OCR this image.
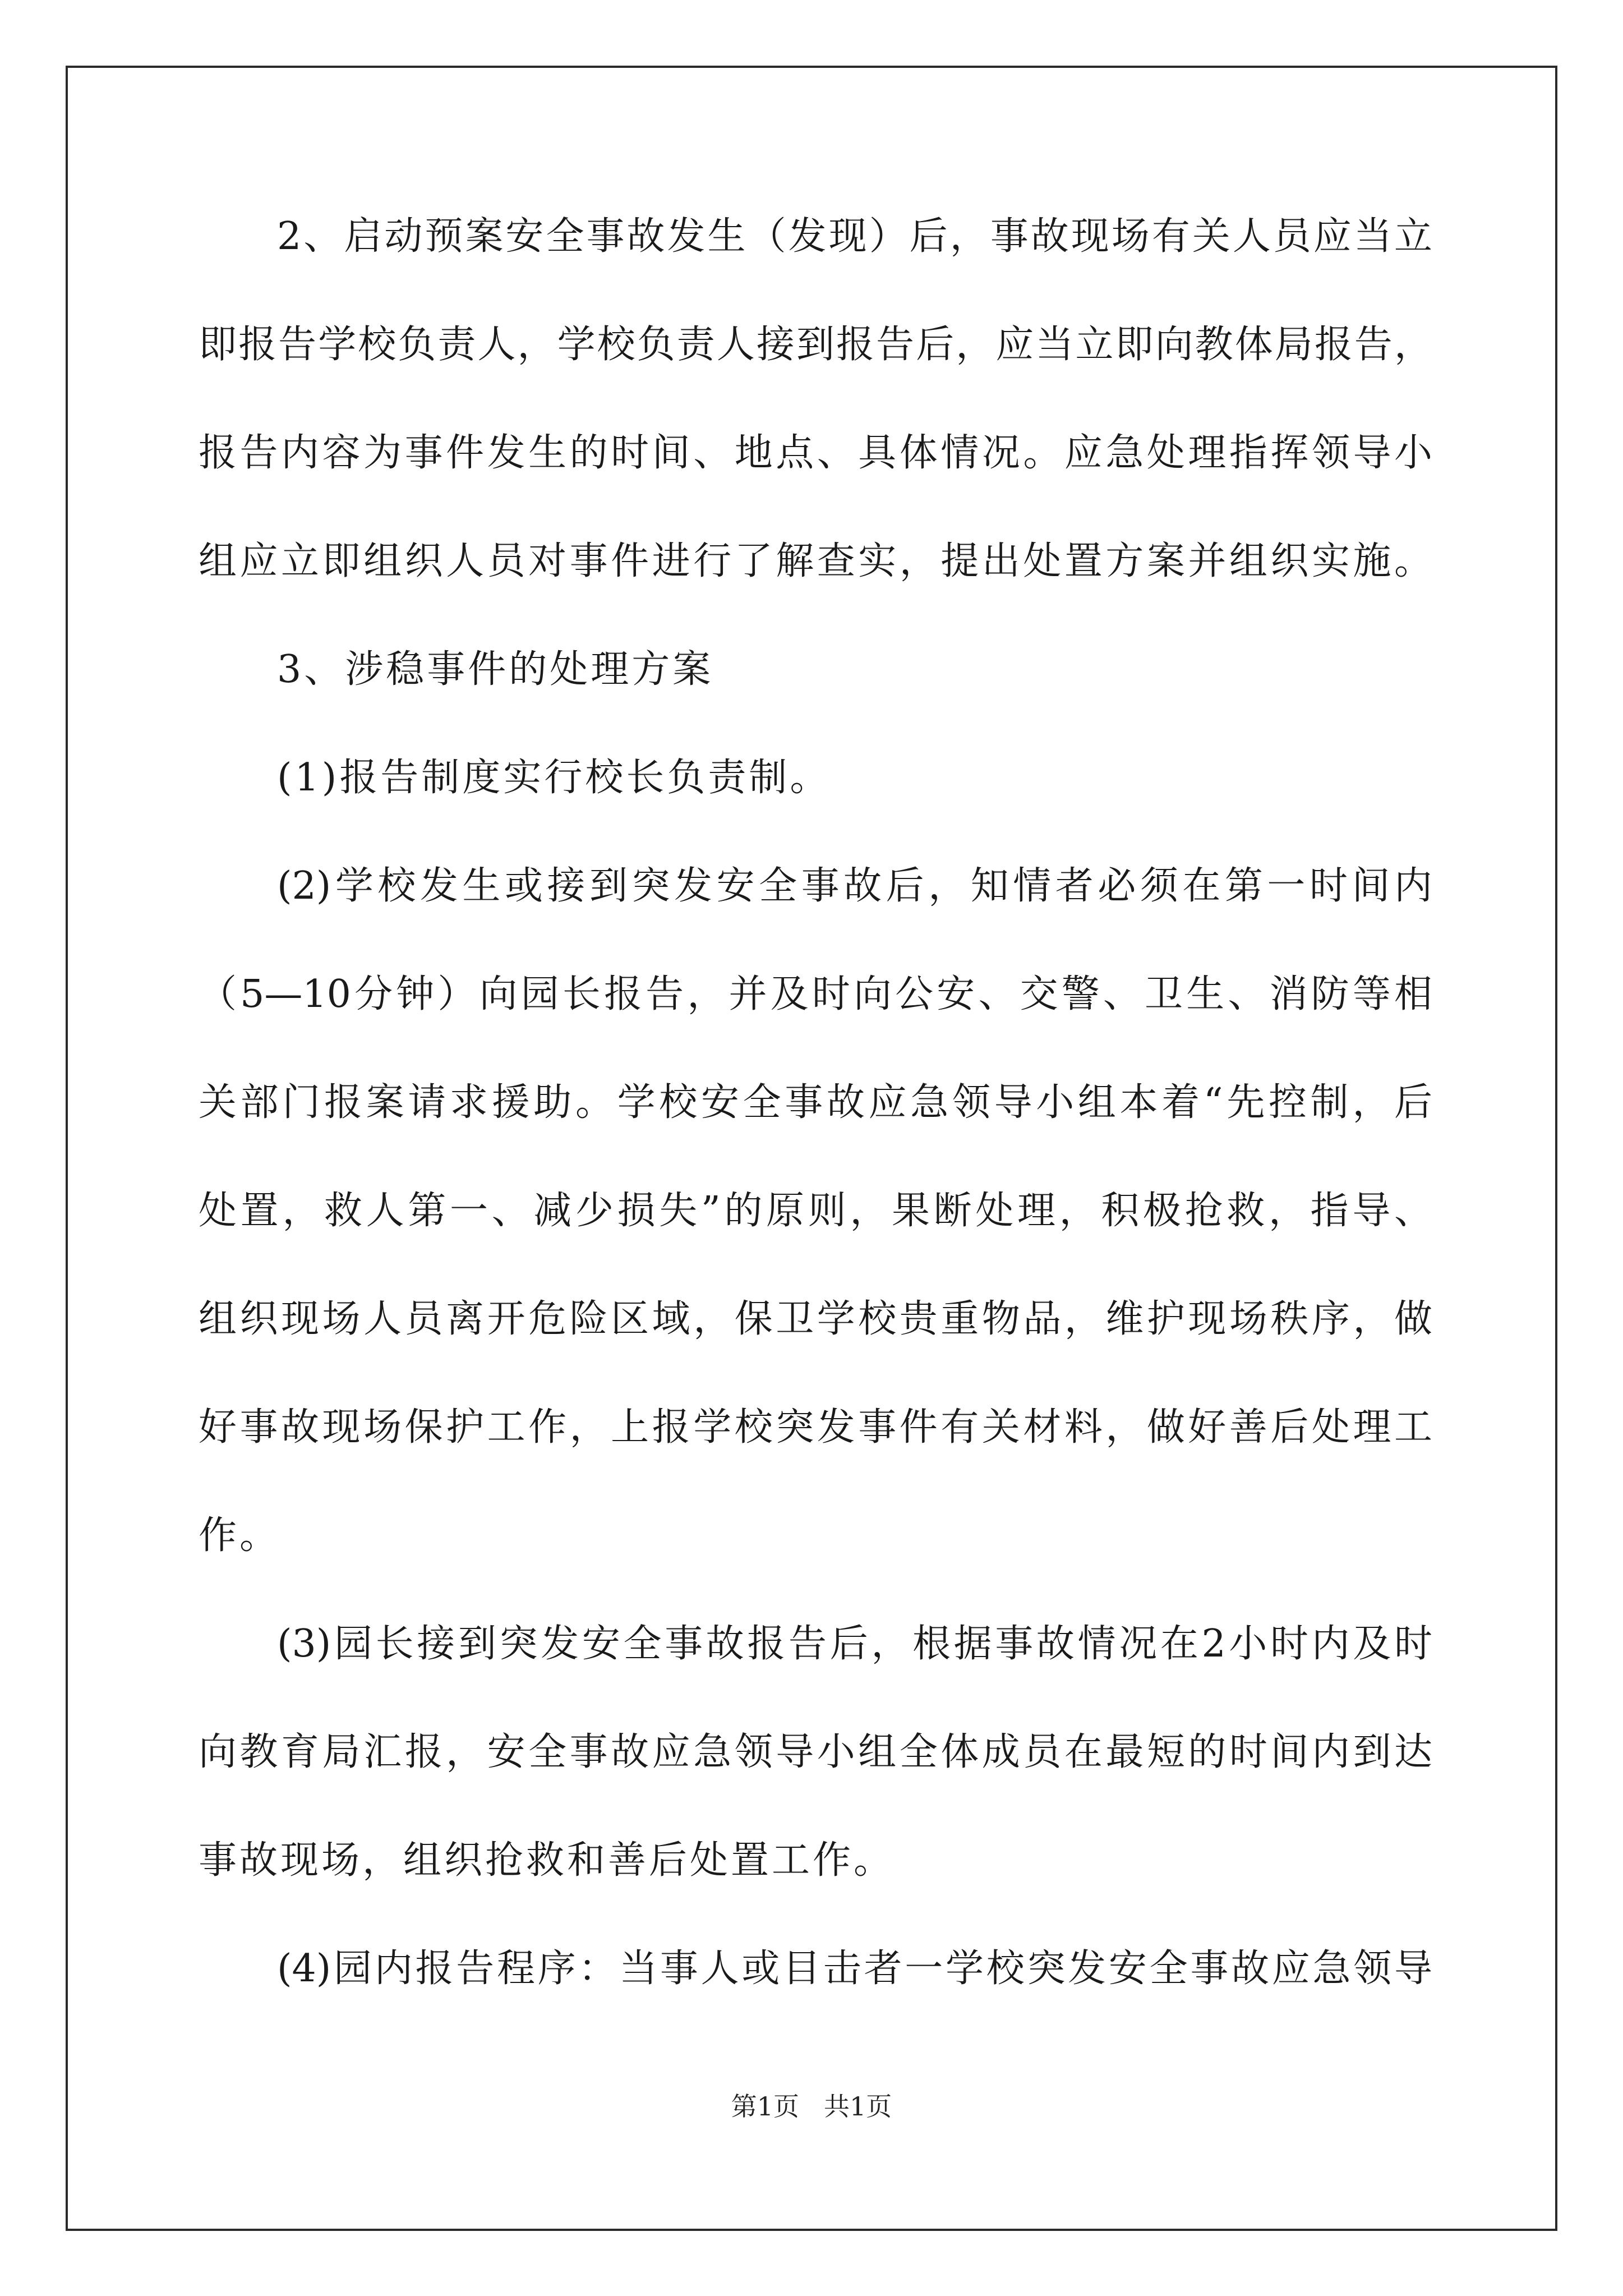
2、启动预案安全事故发生（发现）后，事故现场有关人员应当立
即报告学校负责人，学校负责人接到报告后，应当立即向教体局报告，
报告内容为事件发生的时间、地点、具体情况。应急处理指挥领导小
组应立即组织人员对事件进行了解查实，提出处置方案并组织实施。
3、涉稳事件的处理方案
(1)报告制度实行校长负责制。
(2)学校发生或接到突发安全事故后，知情者必须在第一时间内
（5—10分钟）向园长报告，并及时向公安、交警、卫生、消防等相
关部门报案请求援助。学校安全事故应急领导小组本着“先控制，后
处置，救人第一、减少损失”的原则，果断处理，积极抢救，指导、
组织现场人员离开危险区域，保卫学校贵重物品，维护现场秩序，做
好事故现场保护工作，上报学校突发事件有关材料，做好善后处理工
作。
(3)园长接到突发安全事故报告后，根据事故情况在2小时内及时
向教育局汇报，安全事故应急领导小组全体成员在最短的时间内到达
事故现场，组织抢救和善后处置工作。
(4)园内报告程序：当事人或目击者一学校突发安全事故应急领导
第1页 共1页
